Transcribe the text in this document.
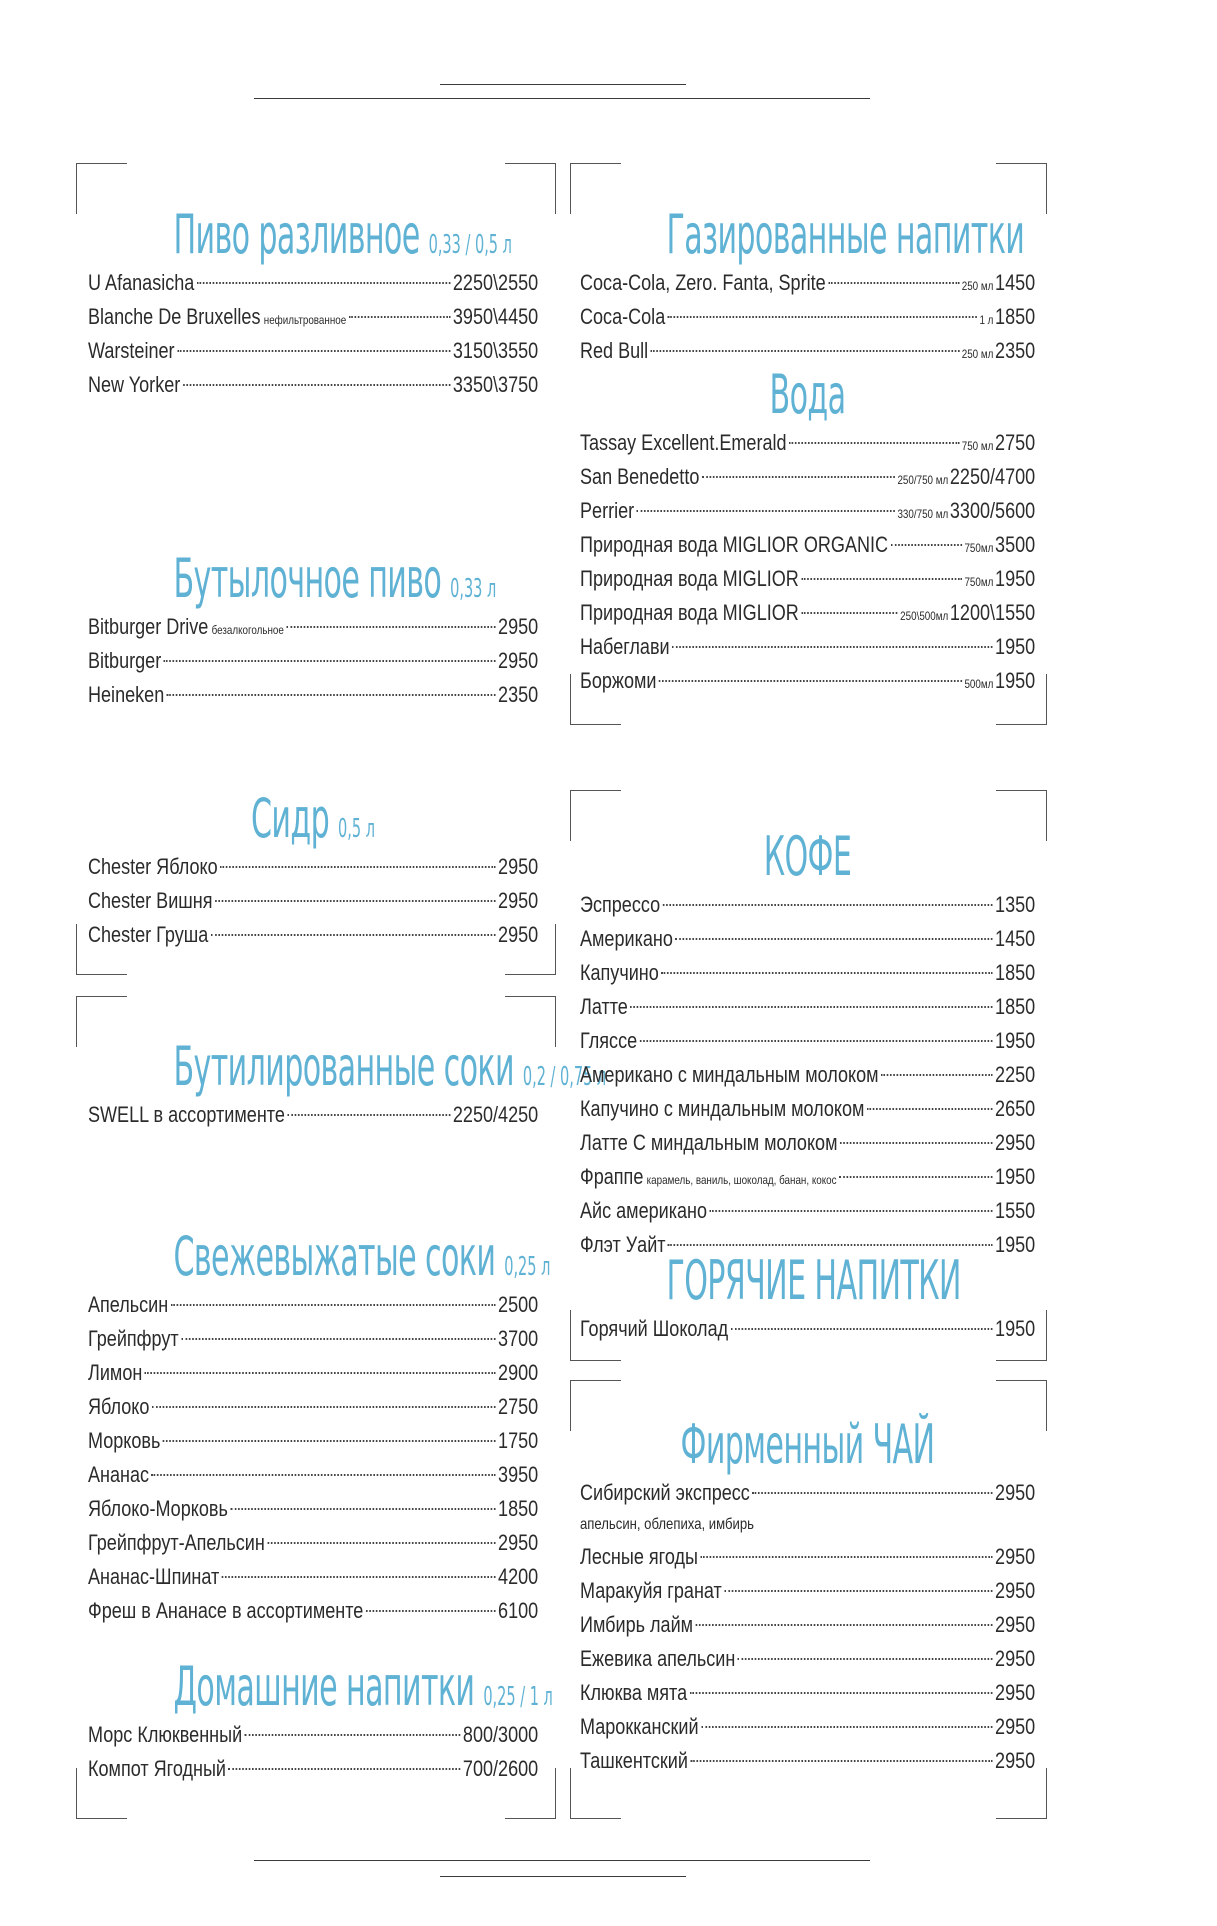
Пиво разливное 0,33 / 0,5 л
U Afanasicha	2250\2550
Blanche De Bruxelles нефильтрованное	3950\4450
Warsteiner	3150\3550
New Yorker	3350\3750
Бутылочное пиво 0,33 л
Bitburger Drive безалкогольное	2950
Bitburger	2950
Heineken	2350
Сидр 0,5 л
Chester Яблоко	2950
Chester Вишня	2950
Chester Груша	2950
Бутилированные соки 0,2 / 0,75 л
SWELL в ассортименте	2250/4250
Свежевыжатые соки 0,25 л
Апельсин	2500
Грейпфрут	3700
Лимон	2900
Яблоко	2750
Морковь	1750
Ананас	3950
Яблоко-Морковь	1850
Грейпфрут-Апельсин	2950
Ананас-Шпинат	4200
Фреш в Ананасе в ассортименте	6100
Домашние напитки 0,25 / 1 л
Морс Клюквенный	800/3000
Компот Ягодный	700/2600
Газированные напитки
Coca-Cola, Zero. Fanta, Sprite	250 мл 1450
Coca-Cola	1 л 1850
Red Bull	250 мл 2350
Вода
Tassay Excellent.Emerald	750 мл 2750
San Benedetto	250/750 мл 2250/4700
Perrier	330/750 мл 3300/5600
Природная вода MIGLIOR ORGANIC	750мл 3500
Природная вода MIGLIOR	750мл 1950
Природная вода MIGLIOR	250\500мл 1200\1550
Набеглави	1950
Боржоми	500мл 1950
КОФЕ
Эспрессо	1350
Американо	1450
Капучино	1850
Латте	1850
Гляссе	1950
Американо с миндальным молоком	2250
Капучино с миндальным молоком	2650
Латте С миндальным молоком	2950
Фраппе карамель, ваниль, шоколад, банан, кокос	1950
Айс американо	1550
Флэт Уайт	1950
ГОРЯЧИЕ НАПИТКИ
Горячий Шоколад	1950
Фирменный ЧАЙ
Сибирский экспресс	2950
апельсин, облепиха, имбирь
Лесные ягоды	2950
Маракуйя гранат	2950
Имбирь лайм	2950
Ежевика апельсин	2950
Клюква мята	2950
Марокканский	2950
Ташкентский	2950
